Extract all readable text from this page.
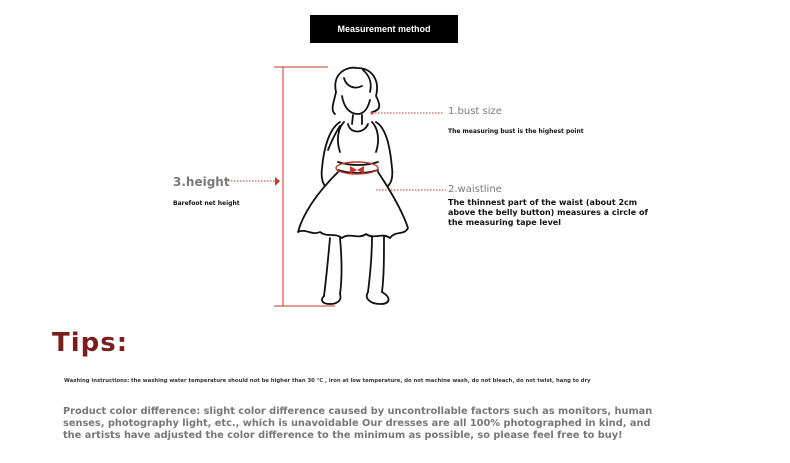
Measurement method
1.bust size
The measuring bust is the highest point
3.height
Barefoot net height
2.waistline
The thinnest part of the waist (about 2cm above the belly button) measures a circle of the measuring tape level
Tips:
Washing instructions: the washing water temperature should not be higher than 30 ℃ , iron at low temperature, do not machine wash, do not bleach, do not twist, hang to dry
Product color difference: slight color difference caused by uncontrollable factors such as monitors, human senses, photography light, etc., which is unavoidable Our dresses are all 100% photographed in kind, and the artists have adjusted the color difference to the minimum as possible, so please feel free to buy!
